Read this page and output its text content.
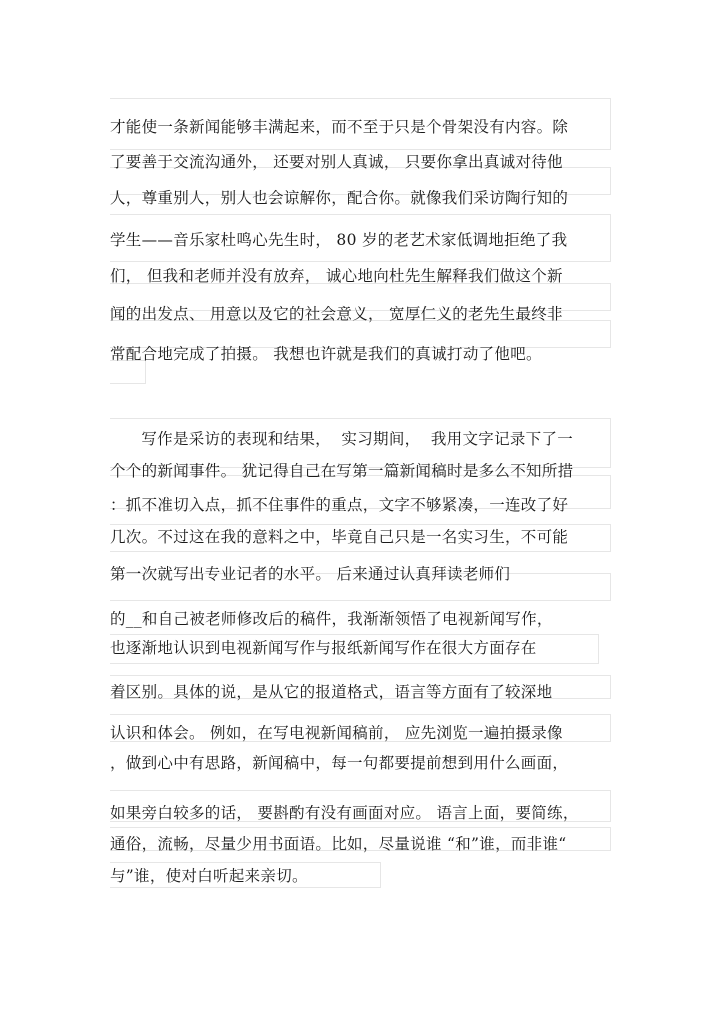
才能使一条新闻能够丰满起来，而不至于只是个骨架没有内容。除
了要善于交流沟通外， 还要对别人真诚， 只要你拿出真诚对待他
人，尊重别人，别人也会谅解你，配合你。就像我们采访陶行知的
学生——音乐家杜鸣心先生时， 80 岁的老艺术家低调地拒绝了我
们， 但我和老师并没有放弃， 诚心地向杜先生解释我们做这个新
闻的出发点、 用意以及它的社会意义， 宽厚仁义的老先生最终非
常配合地完成了拍摄。 我想也许就是我们的真诚打动了他吧。
写作是采访的表现和结果，  实习期间，  我用文字记录下了一
个个的新闻事件。 犹记得自己在写第一篇新闻稿时是多么不知所措
：抓不准切入点，抓不住事件的重点，文字不够紧凑，一连改了好
几次。不过这在我的意料之中，毕竟自己只是一名实习生，不可能
第一次就写出专业记者的水平。 后来通过认真拜读老师们
的__和自己被老师修改后的稿件，我渐渐领悟了电视新闻写作，
也逐渐地认识到电视新闻写作与报纸新闻写作在很大方面存在
着区别。具体的说，是从它的报道格式，语言等方面有了较深地
认识和体会。 例如，在写电视新闻稿前， 应先浏览一遍拍摄录像
，做到心中有思路，新闻稿中，每一句都要提前想到用什么画面，
如果旁白较多的话， 要斟酌有没有画面对应。 语言上面，要简练，
通俗，流畅，尽量少用书面语。比如，尽量说谁 “和”谁，而非谁“
与”谁，使对白听起来亲切。
